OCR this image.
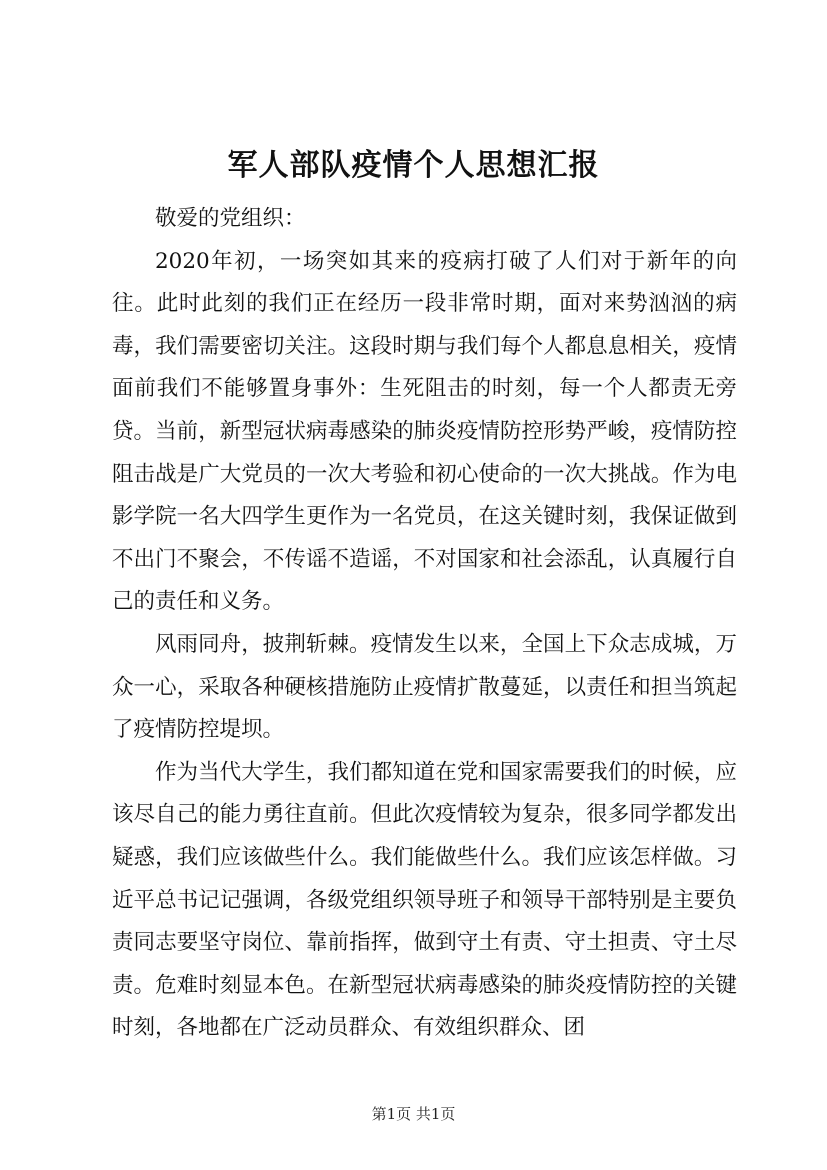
军人部队疫情个人思想汇报

敬爱的党组织：

2020年初，一场突如其来的疫病打破了人们对于新年的向往。此时此刻的我们正在经历一段非常时期，面对来势汹汹的病毒，我们需要密切关注。这段时期与我们每个人都息息相关，疫情面前我们不能够置身事外：生死阻击的时刻，每一个人都责无旁贷。当前，新型冠状病毒感染的肺炎疫情防控形势严峻，疫情防控阻击战是广大党员的一次大考验和初心使命的一次大挑战。作为电影学院一名大四学生更作为一名党员，在这关键时刻，我保证做到不出门不聚会，不传谣不造谣，不对国家和社会添乱，认真履行自己的责任和义务。

风雨同舟，披荆斩棘。疫情发生以来，全国上下众志成城，万众一心，采取各种硬核措施防止疫情扩散蔓延，以责任和担当筑起了疫情防控堤坝。

作为当代大学生，我们都知道在党和国家需要我们的时候，应该尽自己的能力勇往直前。但此次疫情较为复杂，很多同学都发出疑惑，我们应该做些什么。我们能做些什么。我们应该怎样做。习近平总书记记强调，各级党组织领导班子和领导干部特别是主要负责同志要坚守岗位、靠前指挥，做到守土有责、守土担责、守土尽责。危难时刻显本色。在新型冠状病毒感染的肺炎疫情防控的关键时刻，各地都在广泛动员群众、有效组织群众、团

第1页 共1页
